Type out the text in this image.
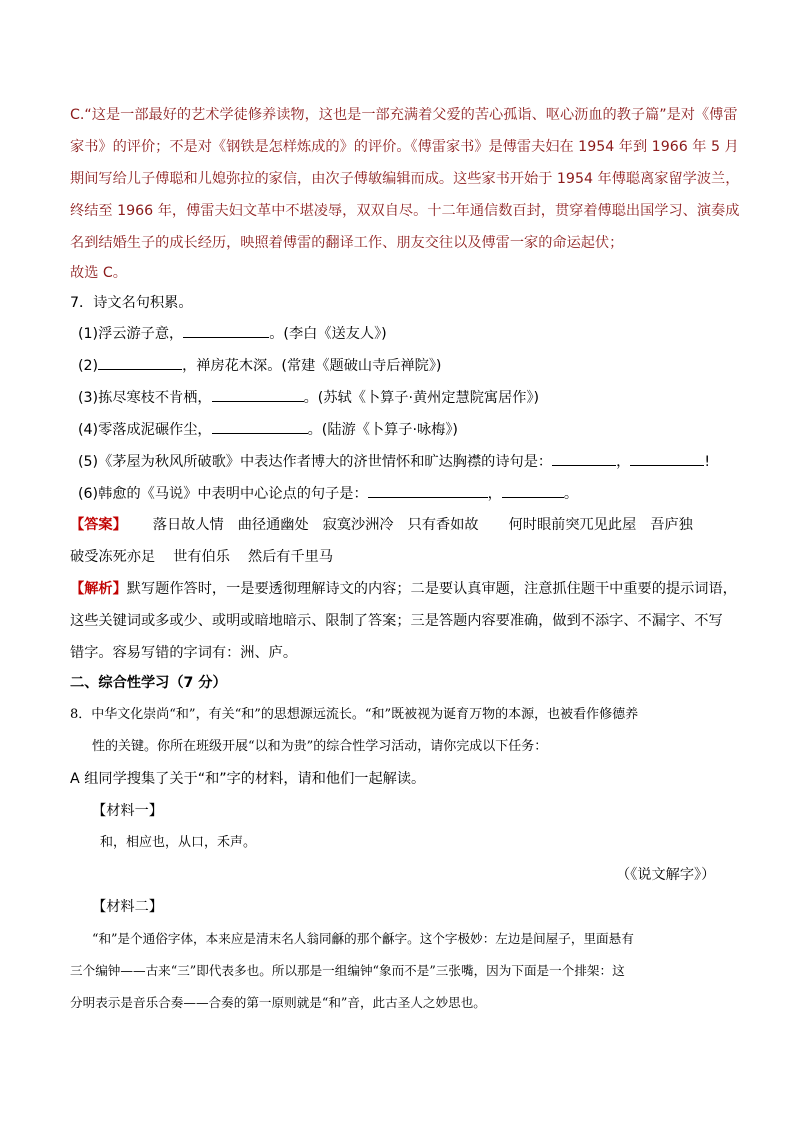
C.“这是一部最好的艺术学徒修养读物，这也是一部充满着父爱的苦心孤诣、呕心沥血的教子篇”是对《傅雷
家书》的评价；不是对《钢铁是怎样炼成的》的评价。《傅雷家书》是傅雷夫妇在 1954 年到 1966 年 5 月
期间写给儿子傅聪和儿媳弥拉的家信，由次子傅敏编辑而成。这些家书开始于 1954 年傅聪离家留学波兰，
终结至 1966 年，傅雷夫妇文革中不堪凌辱，双双自尽。十二年通信数百封，贯穿着傅聪出国学习、演奏成
名到结婚生子的成长经历，映照着傅雷的翻译工作、朋友交往以及傅雷一家的命运起伏；
故选 C。
7．诗文名句积累。
(1)浮云游子意，	。(李白《送友人》)
(2)	，禅房花木深。(常建《题破山寺后禅院》)
(3)拣尽寒枝不肯栖，	。(苏轼《卜算子·黄州定慧院寓居作》)
(4)零落成泥碾作尘，	。(陆游《卜算子·咏梅》)
(5)《茅屋为秋风所破歌》中表达作者博大的济世情怀和旷达胸襟的诗句是：	，	!
(6)韩愈的《马说》中表明中心论点的句子是：	，	。
【答案】 落日故人情 曲径通幽处 寂寞沙洲冷 只有香如故 何时眼前突兀见此屋 吾庐独
破受冻死亦足 世有伯乐 然后有千里马
【解析】默写题作答时，一是要透彻理解诗文的内容；二是要认真审题，注意抓住题干中重要的提示词语，
这些关键词或多或少、或明或暗地暗示、限制了答案；三是答题内容要准确，做到不添字、不漏字、不写
错字。容易写错的字词有：洲、庐。
二、综合性学习（7 分）
8．中华文化崇尚“和”，有关“和”的思想源远流长。“和”既被视为诞育万物的本源，也被看作修德养
性的关键。你所在班级开展“以和为贵”的综合性学习活动，请你完成以下任务：
A 组同学搜集了关于“和”字的材料，请和他们一起解读。
【材料一】
和，相应也，从口，禾声。
（《说文解字》）
【材料二】
“和”是个通俗字体，本来应是清末名人翁同龢的那个龢字。这个字极妙：左边是间屋子，里面悬有
三个编钟——古来“三”即代表多也。所以那是一组编钟“象而不是”三张嘴，因为下面是一个排架：这
分明表示是音乐合奏——合奏的第一原则就是“和”音，此古圣人之妙思也。
